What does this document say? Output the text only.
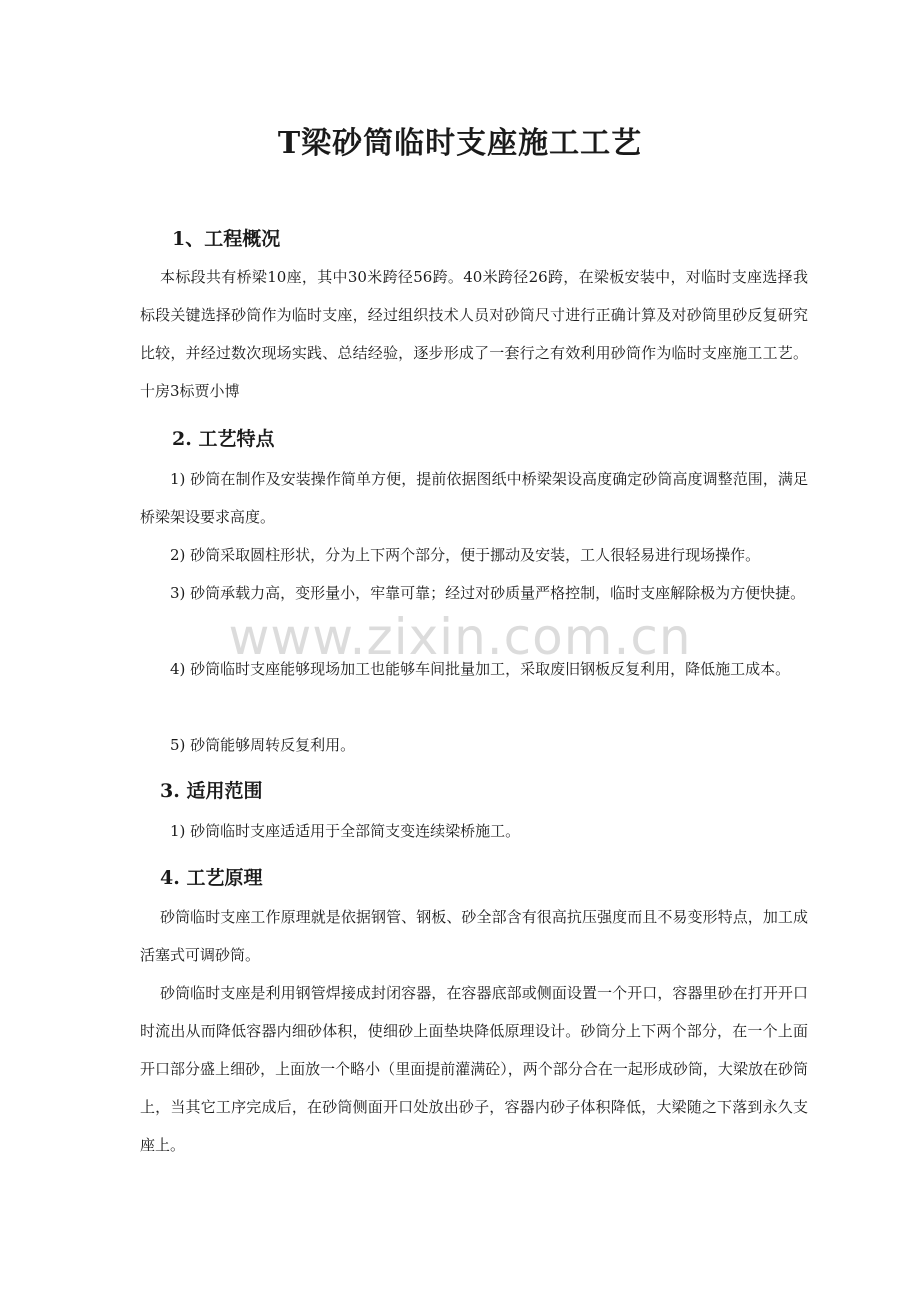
www.zixin.com.cn
T梁砂筒临时支座施工工艺
1、工程概况

本标段共有桥梁10座，其中30米跨径56跨。40米跨径26跨，在梁板安装中，对临时支座选择我标段关键选择砂筒作为临时支座，经过组织技术人员对砂筒尺寸进行正确计算及对砂筒里砂反复研究比较，并经过数次现场实践、总结经验，逐步形成了一套行之有效利用砂筒作为临时支座施工工艺。十房3标贾小博

2. 工艺特点

1) 砂筒在制作及安装操作简单方便，提前依据图纸中桥梁架设高度确定砂筒高度调整范围，满足桥梁架设要求高度。

2) 砂筒采取圆柱形状，分为上下两个部分，便于挪动及安装，工人很轻易进行现场操作。

3) 砂筒承载力高，变形量小，牢靠可靠；经过对砂质量严格控制，临时支座解除极为方便快捷。

4) 砂筒临时支座能够现场加工也能够车间批量加工，采取废旧钢板反复利用，降低施工成本。

5) 砂筒能够周转反复利用。

3. 适用范围

1) 砂筒临时支座适适用于全部简支变连续梁桥施工。

4. 工艺原理

砂筒临时支座工作原理就是依据钢管、钢板、砂全部含有很高抗压强度而且不易变形特点，加工成活塞式可调砂筒。

砂筒临时支座是利用钢管焊接成封闭容器，在容器底部或侧面设置一个开口，容器里砂在打开开口时流出从而降低容器内细砂体积，使细砂上面垫块降低原理设计。砂筒分上下两个部分，在一个上面开口部分盛上细砂，上面放一个略小（里面提前灌满砼），两个部分合在一起形成砂筒，大梁放在砂筒上，当其它工序完成后，在砂筒侧面开口处放出砂子，容器内砂子体积降低，大梁随之下落到永久支座上。
